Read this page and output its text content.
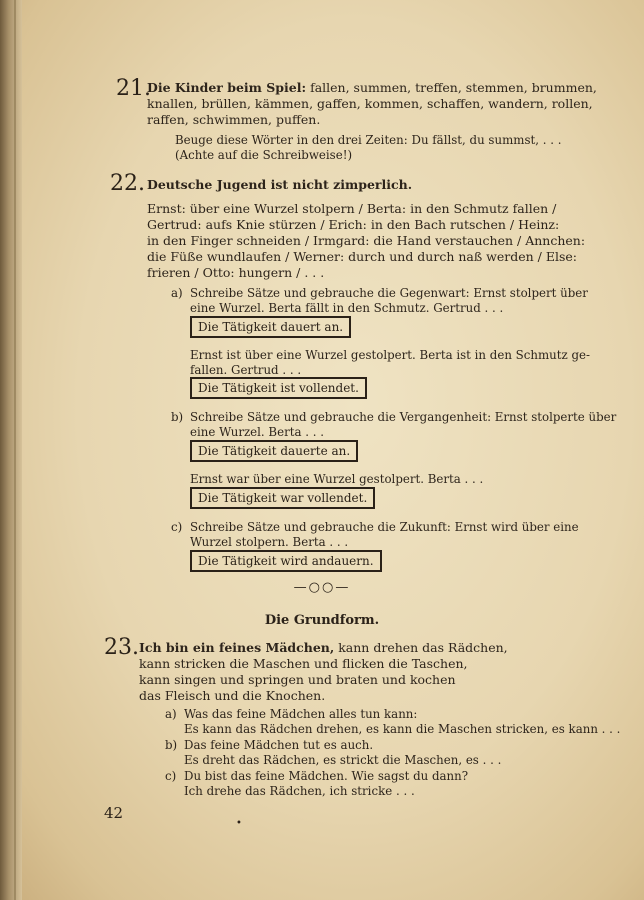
21.
Die Kinder beim Spiel: fallen, summen, treffen, stemmen, brummen,
knallen, brüllen, kämmen, gaffen, kommen, schaffen, wandern, rollen,
raffen, schwimmen, puffen.
Beuge diese Wörter in den drei Zeiten: Du fällst, du summst, . . .
(Achte auf die Schreibweise!)
22. Deutsche Jugend ist nicht zimperlich.
Ernst: über eine Wurzel stolpern / Berta: in den Schmutz fallen /
Gertrud: aufs Knie stürzen / Erich: in den Bach rutschen / Heinz:
in den Finger schneiden / Irmgard: die Hand verstauchen / Annchen:
die Füße wundlaufen / Werner: durch und durch naß werden / Else:
frieren / Otto: hungern / . . .
a) Schreibe Sätze und gebrauche die Gegenwart: Ernst stolpert über
eine Wurzel. Berta fällt in den Schmutz. Gertrud . . .
Die Tätigkeit dauert an.
Ernst ist über eine Wurzel gestolpert. Berta ist in den Schmutz ge-
fallen. Gertrud . . .
Die Tätigkeit ist vollendet.
b) Schreibe Sätze und gebrauche die Vergangenheit: Ernst stolperte über
eine Wurzel. Berta . . .
Die Tätigkeit dauerte an.
Ernst war über eine Wurzel gestolpert. Berta . . .
Die Tätigkeit war vollendet.
c) Schreibe Sätze und gebrauche die Zukunft: Ernst wird über eine
Wurzel stolpern. Berta . . .
Die Tätigkeit wird andauern.
—○○—
Die Grundform.
23. Ich bin ein feines Mädchen, kann drehen das Rädchen,
kann stricken die Maschen und flicken die Taschen,
kann singen und springen und braten und kochen
das Fleisch und die Knochen.
a) Was das feine Mädchen alles tun kann:
Es kann das Rädchen drehen, es kann die Maschen stricken, es kann . . .
b) Das feine Mädchen tut es auch.
Es dreht das Rädchen, es strickt die Maschen, es . . .
c) Du bist das feine Mädchen. Wie sagst du dann?
Ich drehe das Rädchen, ich stricke . . .
42
•
